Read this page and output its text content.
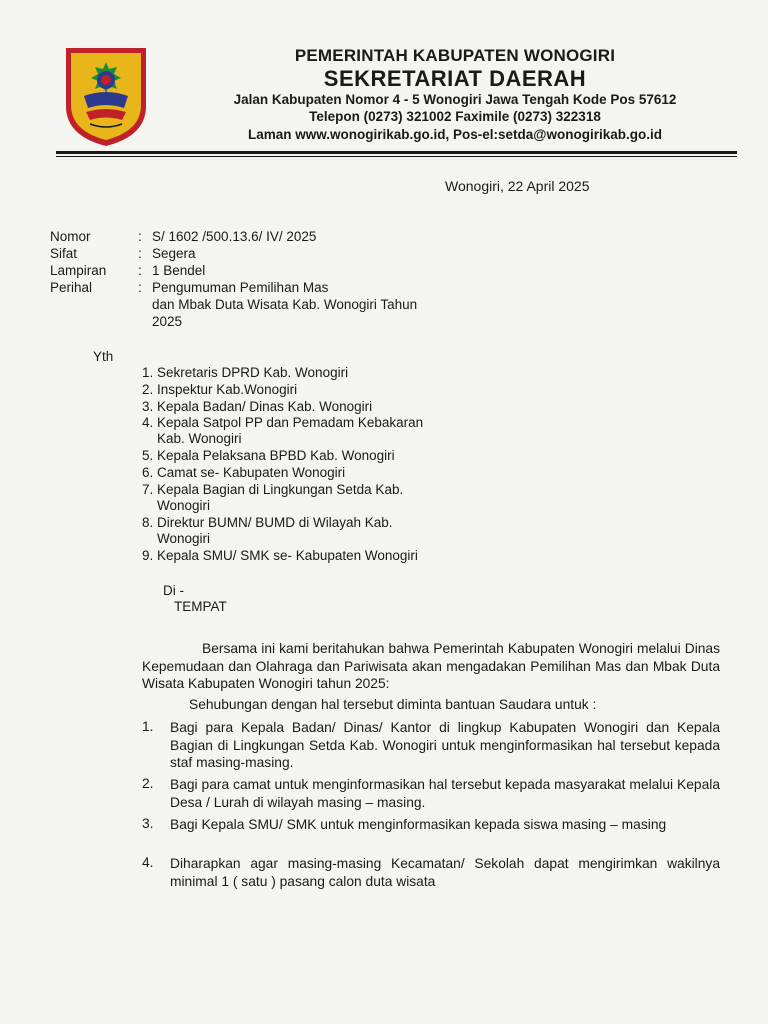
PEMERINTAH KABUPATEN WONOGIRI
SEKRETARIAT DAERAH
Jalan Kabupaten Nomor 4 - 5 Wonogiri Jawa Tengah Kode Pos 57612
Telepon (0273) 321002 Faximile (0273) 322318
Laman www.wonogirikab.go.id, Pos-el:setda@wonogirikab.go.id
Wonogiri, 22 April 2025
Nomor	: S/ 1602 /500.13.6/ IV/ 2025
Sifat	: Segera
Lampiran : 1 Bendel
Perihal	: Pengumuman Pemilihan Mas
dan Mbak Duta Wisata Kab. Wonogiri Tahun
2025
Yth
1. Sekretaris DPRD Kab. Wonogiri
2. Inspektur Kab.Wonogiri
3. Kepala Badan/ Dinas Kab. Wonogiri
4. Kepala Satpol PP dan Pemadam Kebakaran
Kab. Wonogiri
5. Kepala Pelaksana BPBD Kab. Wonogiri
6. Camat se- Kabupaten Wonogiri
7. Kepala Bagian di Lingkungan Setda Kab.
Wonogiri
8. Direktur BUMN/ BUMD di Wilayah Kab.
Wonogiri
9. Kepala SMU/ SMK se- Kabupaten Wonogiri
Di -
TEMPAT
Bersama ini kami beritahukan bahwa Pemerintah Kabupaten Wonogiri melalui Dinas Kepemudaan dan Olahraga dan Pariwisata akan mengadakan Pemilihan Mas dan Mbak Duta Wisata Kabupaten Wonogiri tahun 2025:
Sehubungan dengan hal tersebut diminta bantuan Saudara untuk :
1. Bagi para Kepala Badan/ Dinas/ Kantor di lingkup Kabupaten Wonogiri dan Kepala Bagian di Lingkungan Setda Kab. Wonogiri untuk menginformasikan hal tersebut kepada staf masing-masing.
2. Bagi para camat untuk menginformasikan hal tersebut kepada masyarakat melalui Kepala Desa / Lurah di wilayah masing – masing.
3. Bagi Kepala SMU/ SMK untuk menginformasikan kepada siswa masing – masing
4. Diharapkan agar masing-masing Kecamatan/ Sekolah dapat mengirimkan wakilnya minimal 1 ( satu ) pasang calon duta wisata
